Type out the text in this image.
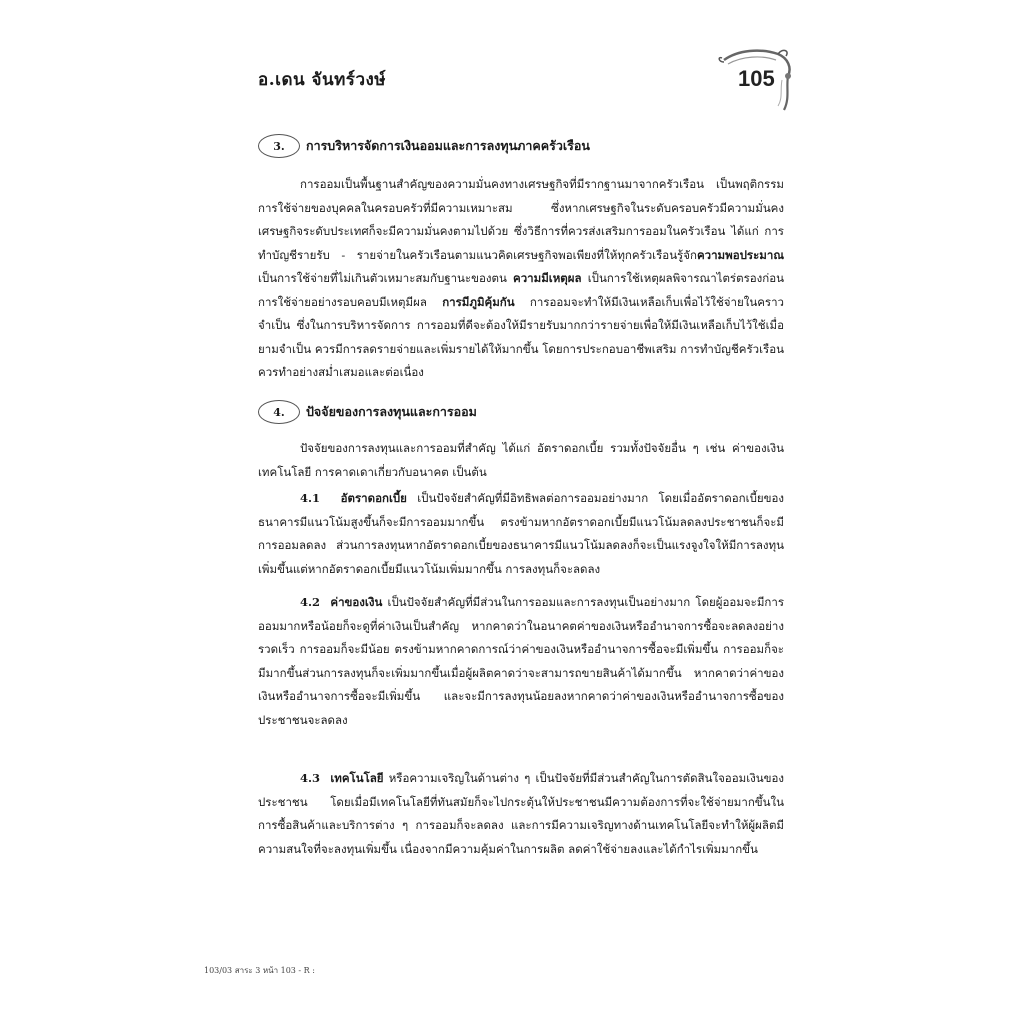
อ.เดน จันทร์วงษ์	105
3.	การบริหารจัดการเงินออมและการลงทุนภาคครัวเรือน

การออมเป็นพื้นฐานสำคัญของความมั่นคงทางเศรษฐกิจที่มีรากฐานมาจากครัวเรือน เป็นพฤติกรรมการใช้จ่ายของบุคคลในครอบครัวที่มีความเหมาะสม ซึ่งหากเศรษฐกิจในระดับครอบครัวมีความมั่นคง เศรษฐกิจระดับประเทศก็จะมีความมั่นคงตามไปด้วย ซึ่งวิธีการที่ควรส่งเสริมการออมในครัวเรือน ได้แก่ การทำบัญชีรายรับ - รายจ่ายในครัวเรือนตามแนวคิดเศรษฐกิจพอเพียงที่ให้ทุกครัวเรือนรู้จักความพอประมาณ เป็นการใช้จ่ายที่ไม่เกินตัวเหมาะสมกับฐานะของตน ความมีเหตุผล เป็นการใช้เหตุผลพิจารณาไตร่ตรองก่อนการใช้จ่ายอย่างรอบคอบมีเหตุมีผล การมีภูมิคุ้มกัน การออมจะทำให้มีเงินเหลือเก็บเพื่อไว้ใช้จ่ายในคราวจำเป็น ซึ่งในการบริหารจัดการ การออมที่ดีจะต้องให้มีรายรับมากกว่ารายจ่ายเพื่อให้มีเงินเหลือเก็บไว้ใช้เมื่อยามจำเป็น ควรมีการลดรายจ่ายและเพิ่มรายได้ให้มากขึ้น โดยการประกอบอาชีพเสริม การทำบัญชีครัวเรือนควรทำอย่างสม่ำเสมอและต่อเนื่อง

4.	ปัจจัยของการลงทุนและการออม

ปัจจัยของการลงทุนและการออมที่สำคัญ ได้แก่ อัตราดอกเบี้ย รวมทั้งปัจจัยอื่น ๆ เช่น ค่าของเงิน เทคโนโลยี การคาดเดาเกี่ยวกับอนาคต เป็นต้น

4.1 อัตราดอกเบี้ย เป็นปัจจัยสำคัญที่มีอิทธิพลต่อการออมอย่างมาก โดยเมื่ออัตราดอกเบี้ยของธนาคารมีแนวโน้มสูงขึ้นก็จะมีการออมมากขึ้น ตรงข้ามหากอัตราดอกเบี้ยมีแนวโน้มลดลงประชาชนก็จะมีการออมลดลง ส่วนการลงทุนหากอัตราดอกเบี้ยของธนาคารมีแนวโน้มลดลงก็จะเป็นแรงจูงใจให้มีการลงทุนเพิ่มขึ้นแต่หากอัตราดอกเบี้ยมีแนวโน้มเพิ่มมากขึ้น การลงทุนก็จะลดลง

4.2 ค่าของเงิน เป็นปัจจัยสำคัญที่มีส่วนในการออมและการลงทุนเป็นอย่างมาก โดยผู้ออมจะมีการออมมากหรือน้อยก็จะดูที่ค่าเงินเป็นสำคัญ หากคาดว่าในอนาคตค่าของเงินหรืออำนาจการซื้อจะลดลงอย่างรวดเร็ว การออมก็จะมีน้อย ตรงข้ามหากคาดการณ์ว่าค่าของเงินหรืออำนาจการซื้อจะมีเพิ่มขึ้น การออมก็จะมีมากขึ้นส่วนการลงทุนก็จะเพิ่มมากขึ้นเมื่อผู้ผลิตคาดว่าจะสามารถขายสินค้าได้มากขึ้น หากคาดว่าค่าของเงินหรืออำนาจการซื้อจะมีเพิ่มขึ้น และจะมีการลงทุนน้อยลงหากคาดว่าค่าของเงินหรืออำนาจการซื้อของประชาชนจะลดลง

4.3 เทคโนโลยี หรือความเจริญในด้านต่าง ๆ เป็นปัจจัยที่มีส่วนสำคัญในการตัดสินใจออมเงินของประชาชน โดยเมื่อมีเทคโนโลยีที่ทันสมัยก็จะไปกระตุ้นให้ประชาชนมีความต้องการที่จะใช้จ่ายมากขึ้นในการซื้อสินค้าและบริการต่าง ๆ การออมก็จะลดลง และการมีความเจริญทางด้านเทคโนโลยีจะทำให้ผู้ผลิตมีความสนใจที่จะลงทุนเพิ่มขึ้น เนื่องจากมีความคุ้มค่าในการผลิต ลดค่าใช้จ่ายลงและได้กำไรเพิ่มมากขึ้น

103/03 สาระ 3 หน้า 103 - R :
